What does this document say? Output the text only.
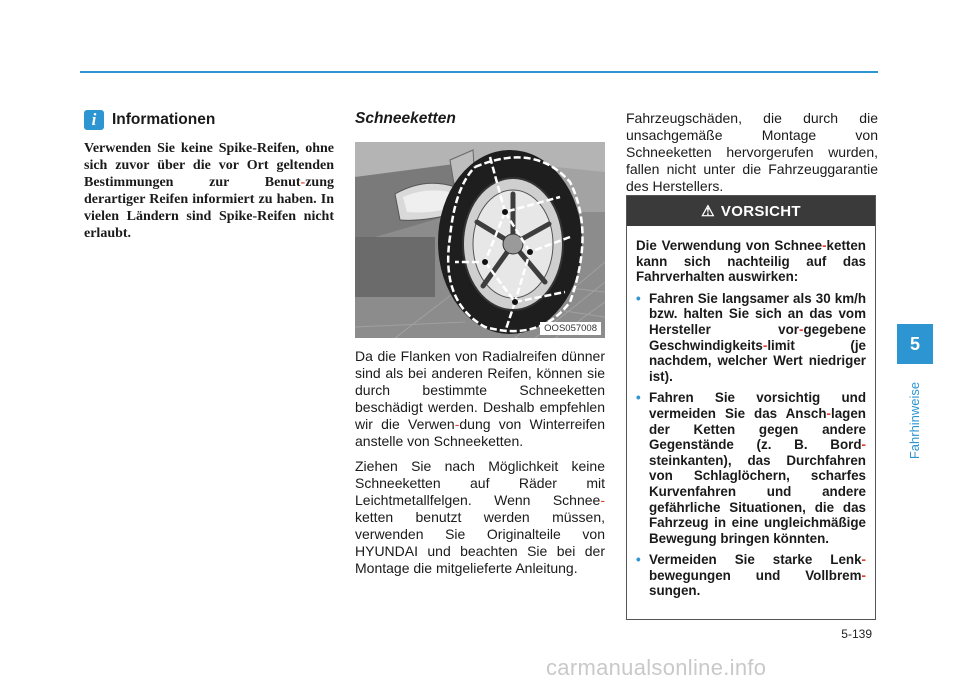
i	Informationen

Verwenden Sie keine Spike-Reifen, ohne sich zuvor über die vor Ort geltenden Bestimmungen zur Benut-zung derartiger Reifen informiert zu haben. In vielen Ländern sind Spike-Reifen nicht erlaubt.

Schneeketten
OOS057008

Da die Flanken von Radialreifen dünner sind als bei anderen Reifen, können sie durch bestimmte Schneeketten beschädigt werden. Deshalb empfehlen wir die Verwen-dung von Winterreifen anstelle von Schneeketten.

Ziehen Sie nach Möglichkeit keine Schneeketten auf Räder mit Leichtmetallfelgen. Wenn Schnee-ketten benutzt werden müssen, verwenden Sie Originalteile von HYUNDAI und beachten Sie bei der Montage die mitgelieferte Anleitung.

Fahrzeugschäden, die durch die unsachgemäße Montage von Schneeketten hervorgerufen wurden, fallen nicht unter die Fahrzeuggarantie des Herstellers.

⚠ VORSICHT

Die Verwendung von Schnee-ketten kann sich nachteilig auf das Fahrverhalten auswirken:

• Fahren Sie langsamer als 30 km/h bzw. halten Sie sich an das vom Hersteller vor-gegebene Geschwindigkeits-limit (je nachdem, welcher Wert niedriger ist).
• Fahren Sie vorsichtig und vermeiden Sie das Ansch-lagen der Ketten gegen andere Gegenstände (z. B. Bord-steinkanten), das Durchfahren von Schlaglöchern, scharfes Kurvenfahren und andere gefährliche Situationen, die das Fahrzeug in eine ungleichmäßige Bewegung bringen könnten.
• Vermeiden Sie starke Lenk-bewegungen und Vollbrem-sungen.
5
Fahrhinweise
5-139
carmanualsonline.info
